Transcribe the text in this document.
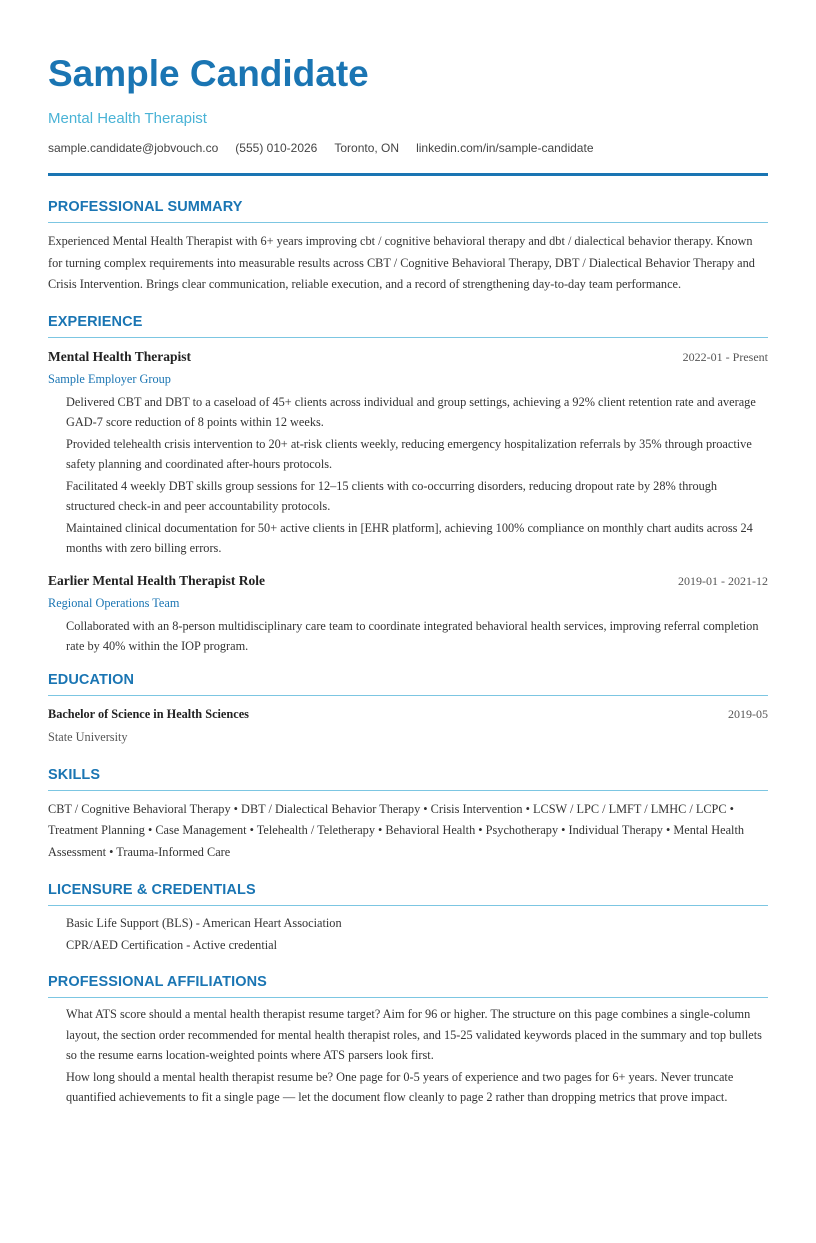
Sample Candidate
Mental Health Therapist
sample.candidate@jobvouch.co (555) 010-2026 Toronto, ON linkedin.com/in/sample-candidate
PROFESSIONAL SUMMARY
Experienced Mental Health Therapist with 6+ years improving cbt / cognitive behavioral therapy and dbt / dialectical behavior therapy. Known for turning complex requirements into measurable results across CBT / Cognitive Behavioral Therapy, DBT / Dialectical Behavior Therapy and Crisis Intervention. Brings clear communication, reliable execution, and a record of strengthening day-to-day team performance.
EXPERIENCE
Mental Health Therapist	2022-01 - Present
Sample Employer Group
Delivered CBT and DBT to a caseload of 45+ clients across individual and group settings, achieving a 92% client retention rate and average GAD-7 score reduction of 8 points within 12 weeks.
Provided telehealth crisis intervention to 20+ at-risk clients weekly, reducing emergency hospitalization referrals by 35% through proactive safety planning and coordinated after-hours protocols.
Facilitated 4 weekly DBT skills group sessions for 12–15 clients with co-occurring disorders, reducing dropout rate by 28% through structured check-in and peer accountability protocols.
Maintained clinical documentation for 50+ active clients in [EHR platform], achieving 100% compliance on monthly chart audits across 24 months with zero billing errors.
Earlier Mental Health Therapist Role	2019-01 - 2021-12
Regional Operations Team
Collaborated with an 8-person multidisciplinary care team to coordinate integrated behavioral health services, improving referral completion rate by 40% within the IOP program.
EDUCATION
Bachelor of Science in Health Sciences	2019-05
State University
SKILLS
CBT / Cognitive Behavioral Therapy • DBT / Dialectical Behavior Therapy • Crisis Intervention • LCSW / LPC / LMFT / LMHC / LCPC • Treatment Planning • Case Management • Telehealth / Teletherapy • Behavioral Health • Psychotherapy • Individual Therapy • Mental Health Assessment • Trauma-Informed Care
LICENSURE & CREDENTIALS
Basic Life Support (BLS) - American Heart Association
CPR/AED Certification - Active credential
PROFESSIONAL AFFILIATIONS
What ATS score should a mental health therapist resume target? Aim for 96 or higher. The structure on this page combines a single-column layout, the section order recommended for mental health therapist roles, and 15-25 validated keywords placed in the summary and top bullets so the resume earns location-weighted points where ATS parsers look first.
How long should a mental health therapist resume be? One page for 0-5 years of experience and two pages for 6+ years. Never truncate quantified achievements to fit a single page — let the document flow cleanly to page 2 rather than dropping metrics that prove impact.
